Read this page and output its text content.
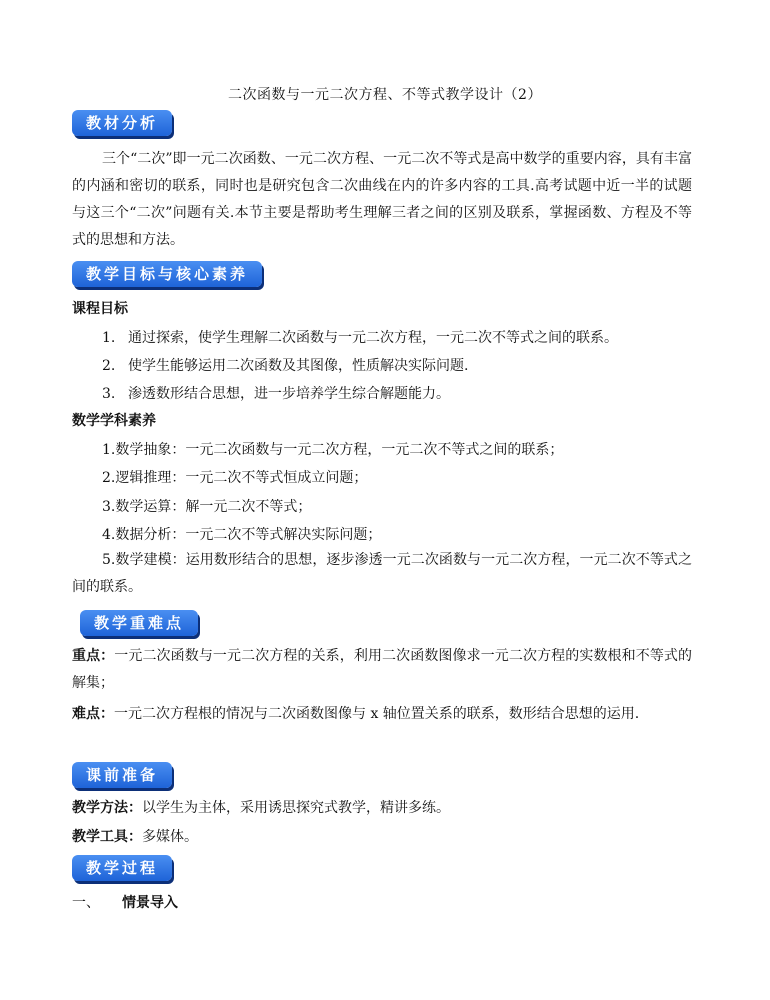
二次函数与一元二次方程、不等式教学设计（2）
教材分析
三个“二次”即一元二次函数、一元二次方程、一元二次不等式是高中数学的重要内容，具有丰富的内涵和密切的联系，同时也是研究包含二次曲线在内的许多内容的工具.高考试题中近一半的试题与这三个“二次”问题有关.本节主要是帮助考生理解三者之间的区别及联系，掌握函数、方程及不等式的思想和方法。
教学目标与核心素养
课程目标
1. 通过探索，使学生理解二次函数与一元二次方程，一元二次不等式之间的联系。
2. 使学生能够运用二次函数及其图像，性质解决实际问题.
3. 渗透数形结合思想，进一步培养学生综合解题能力。
数学学科素养
1.数学抽象：一元二次函数与一元二次方程，一元二次不等式之间的联系；
2.逻辑推理：一元二次不等式恒成立问题；
3.数学运算：解一元二次不等式；
4.数据分析：一元二次不等式解决实际问题；
5.数学建模：运用数形结合的思想，逐步渗透一元二次函数与一元二次方程，一元二次不等式之间的联系。
教学重难点
重点：一元二次函数与一元二次方程的关系，利用二次函数图像求一元二次方程的实数根和不等式的解集；
难点：一元二次方程根的情况与二次函数图像与 x 轴位置关系的联系，数形结合思想的运用.
课前准备
教学方法：以学生为主体，采用诱思探究式教学，精讲多练。
教学工具：多媒体。
教学过程
一、 情景导入
